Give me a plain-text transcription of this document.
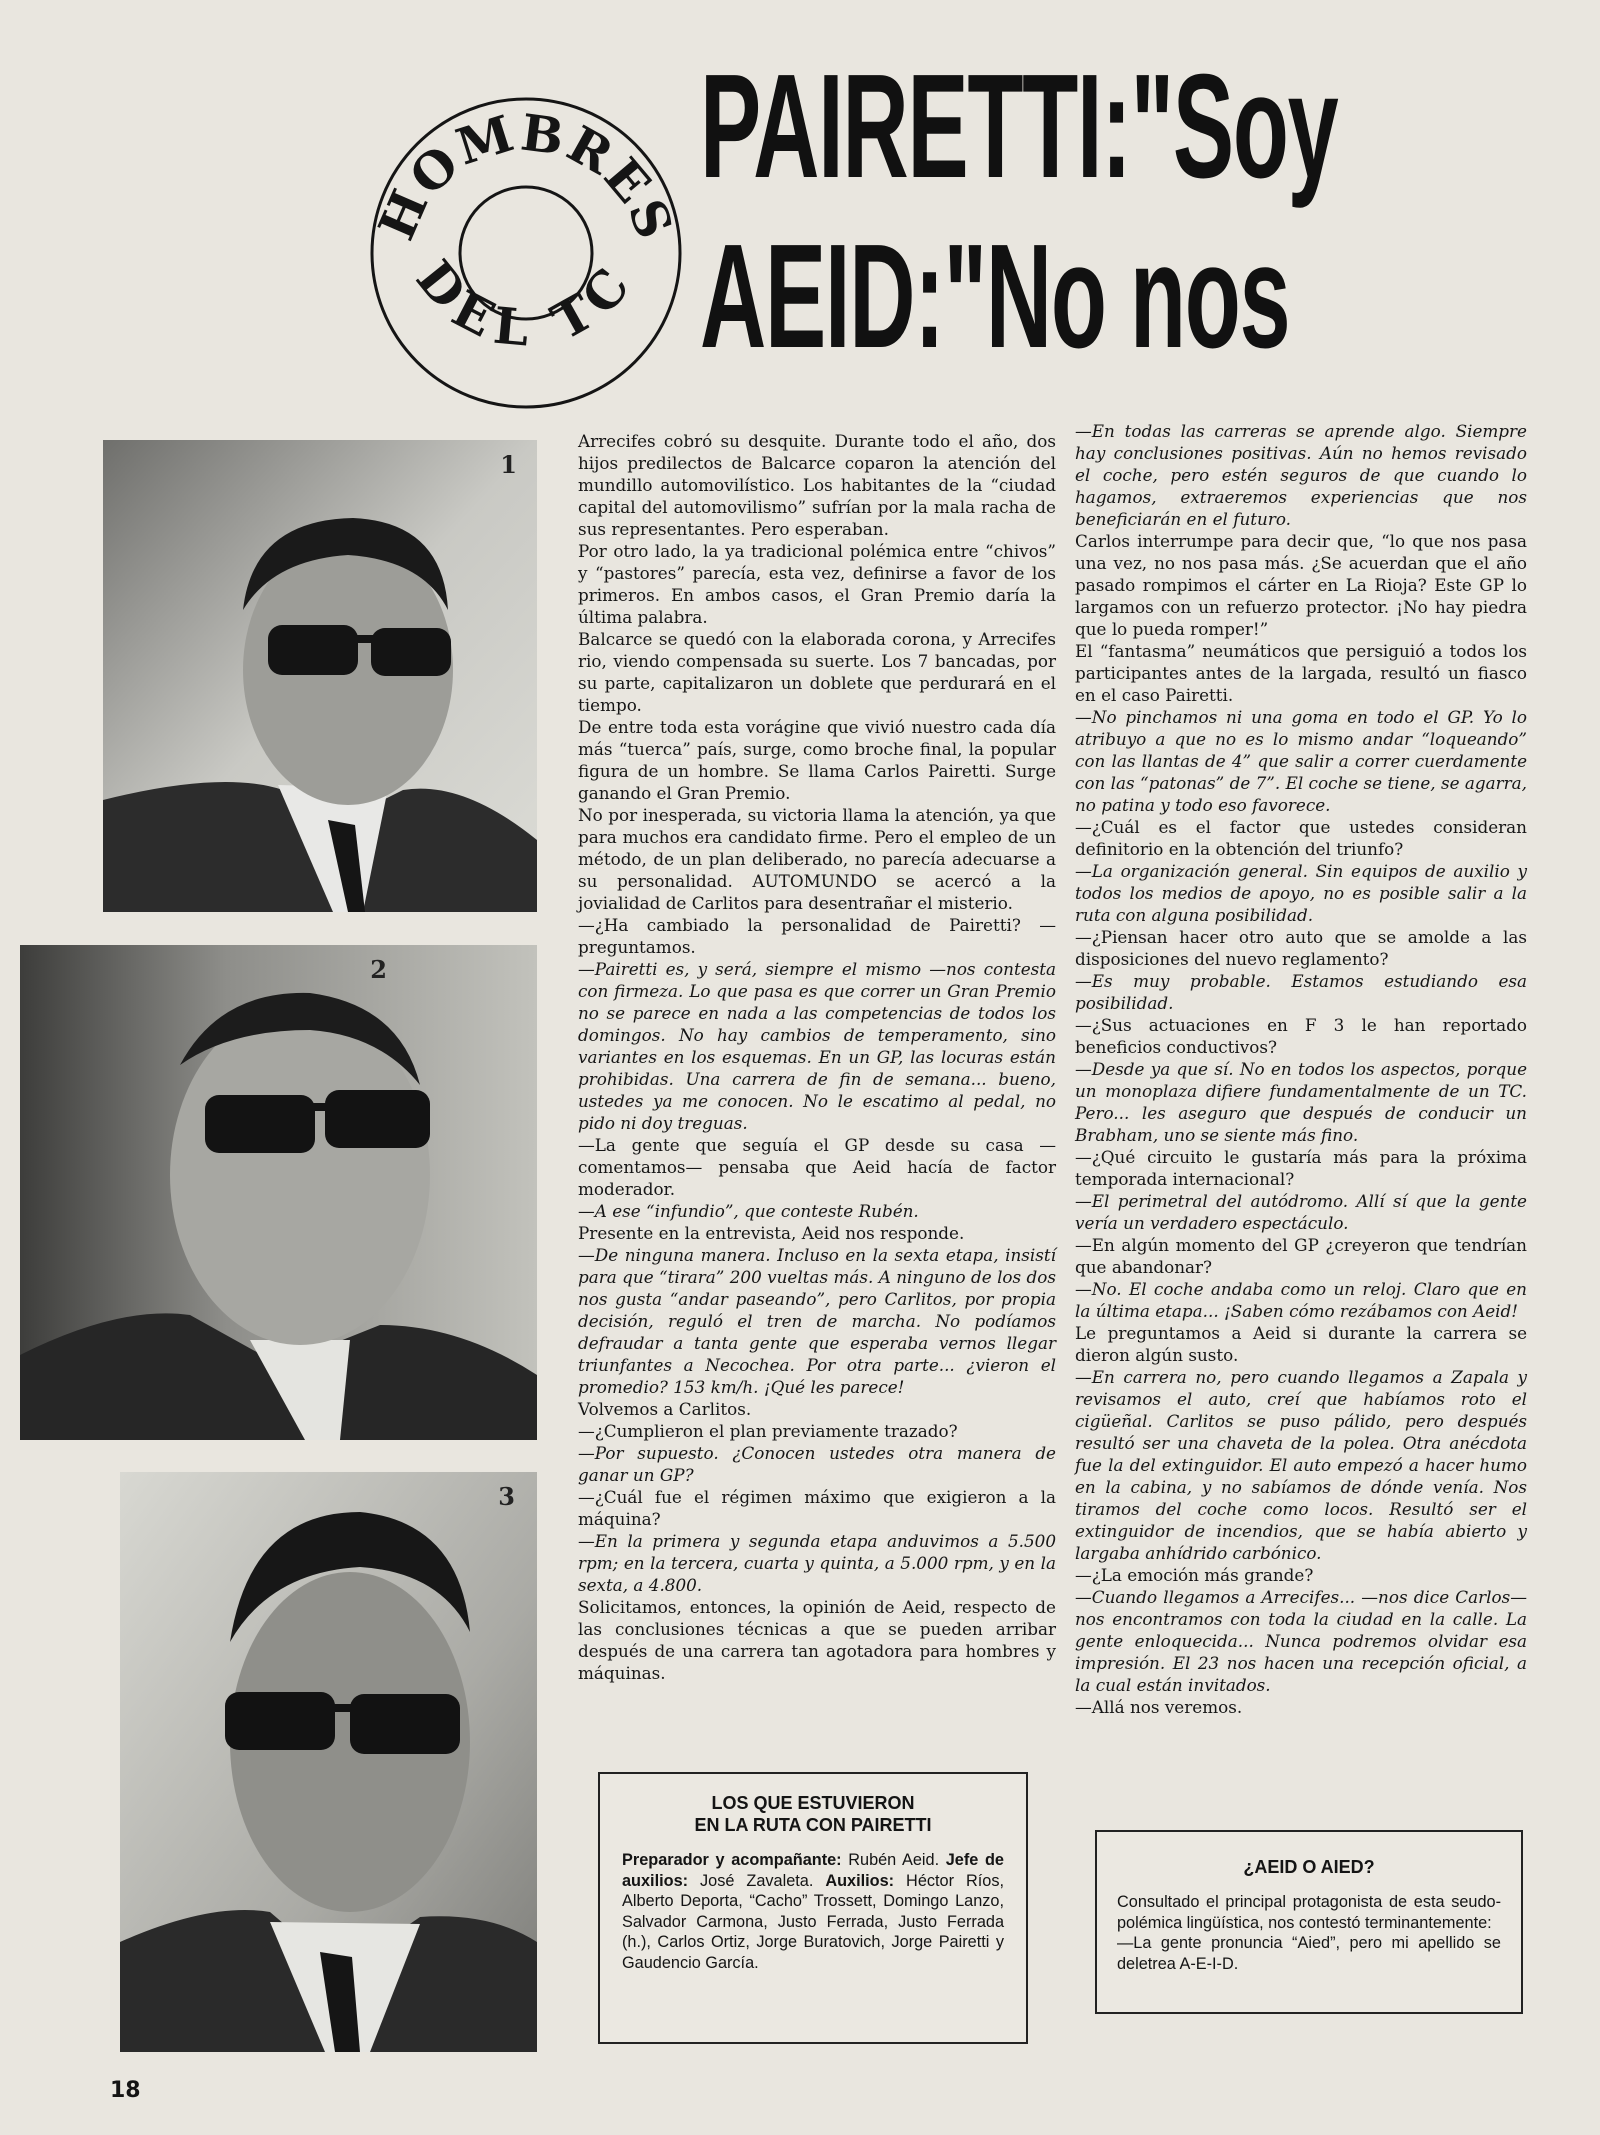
HOMBRES
DEL TC
PAIRETTI:"Soy
AEID:"No nos
1
2
3

Arrecifes cobró su desquite. Durante todo el año, dos hijos predilectos de Balcarce coparon la atención del mundillo automovilístico. Los habitantes de la “ciudad capital del automovilismo” sufrían por la mala racha de sus representantes. Pero esperaban.

Por otro lado, la ya tradicional polémica entre “chivos” y “pastores” parecía, esta vez, definirse a favor de los primeros. En ambos casos, el Gran Premio daría la última palabra.

Balcarce se quedó con la elaborada corona, y Arrecifes rio, viendo compensada su suerte. Los 7 bancadas, por su parte, capitalizaron un doblete que perdurará en el tiempo.

De entre toda esta vorágine que vivió nuestro cada día más “tuerca” país, surge, como broche final, la popular figura de un hombre. Se llama Carlos Pairetti. Surge ganando el Gran Premio.

No por inesperada, su victoria llama la atención, ya que para muchos era candidato firme. Pero el empleo de un método, de un plan deliberado, no parecía adecuarse a su personalidad. AUTOMUNDO se acercó a la jovialidad de Carlitos para desentrañar el misterio.

—¿Ha cambiado la personalidad de Pairetti? —preguntamos.

—Pairetti es, y será, siempre el mismo —nos contesta con firmeza. Lo que pasa es que correr un Gran Premio no se parece en nada a las competencias de todos los domingos. No hay cambios de temperamento, sino variantes en los esquemas. En un GP, las locuras están prohibidas. Una carrera de fin de semana... bueno, ustedes ya me conocen. No le escatimo al pedal, no pido ni doy treguas.

—La gente que seguía el GP desde su casa —comentamos— pensaba que Aeid hacía de factor moderador.

—A ese “infundio”, que conteste Rubén.

Presente en la entrevista, Aeid nos responde.

—De ninguna manera. Incluso en la sexta etapa, insistí para que “tirara” 200 vueltas más. A ninguno de los dos nos gusta “andar paseando”, pero Carlitos, por propia decisión, reguló el tren de marcha. No podíamos defraudar a tanta gente que esperaba vernos llegar triunfantes a Necochea. Por otra parte... ¿vieron el promedio? 153 km/h. ¡Qué les parece!

Volvemos a Carlitos.

—¿Cumplieron el plan previamente trazado?

—Por supuesto. ¿Conocen ustedes otra manera de ganar un GP?

—¿Cuál fue el régimen máximo que exigieron a la máquina?

—En la primera y segunda etapa anduvimos a 5.500 rpm; en la tercera, cuarta y quinta, a 5.000 rpm, y en la sexta, a 4.800.

Solicitamos, entonces, la opinión de Aeid, respecto de las conclusiones técnicas a que se pueden arribar después de una carrera tan agotadora para hombres y máquinas.

—En todas las carreras se aprende algo. Siempre hay conclusiones positivas. Aún no hemos revisado el coche, pero estén seguros de que cuando lo hagamos, extraeremos experiencias que nos beneficiarán en el futuro.

Carlos interrumpe para decir que, “lo que nos pasa una vez, no nos pasa más. ¿Se acuerdan que el año pasado rompimos el cárter en La Rioja? Este GP lo largamos con un refuerzo protector. ¡No hay piedra que lo pueda romper!”

El “fantasma” neumáticos que persiguió a todos los participantes antes de la largada, resultó un fiasco en el caso Pairetti.

—No pinchamos ni una goma en todo el GP. Yo lo atribuyo a que no es lo mismo andar “loqueando” con las llantas de 4” que salir a correr cuerdamente con las “patonas” de 7”. El coche se tiene, se agarra, no patina y todo eso favorece.

—¿Cuál es el factor que ustedes consideran definitorio en la obtención del triunfo?

—La organización general. Sin equipos de auxilio y todos los medios de apoyo, no es posible salir a la ruta con alguna posibilidad.

—¿Piensan hacer otro auto que se amolde a las disposiciones del nuevo reglamento?

—Es muy probable. Estamos estudiando esa posibilidad.

—¿Sus actuaciones en F 3 le han reportado beneficios conductivos?

—Desde ya que sí. No en todos los aspectos, porque un monoplaza difiere fundamentalmente de un TC. Pero... les aseguro que después de conducir un Brabham, uno se siente más fino.

—¿Qué circuito le gustaría más para la próxima temporada internacional?

—El perimetral del autódromo. Allí sí que la gente vería un verdadero espectáculo.

—En algún momento del GP ¿creyeron que tendrían que abandonar?

—No. El coche andaba como un reloj. Claro que en la última etapa... ¡Saben cómo rezábamos con Aeid!

Le preguntamos a Aeid si durante la carrera se dieron algún susto.

—En carrera no, pero cuando llegamos a Zapala y revisamos el auto, creí que habíamos roto el cigüeñal. Carlitos se puso pálido, pero después resultó ser una chaveta de la polea. Otra anécdota fue la del extinguidor. El auto empezó a hacer humo en la cabina, y no sabíamos de dónde venía. Nos tiramos del coche como locos. Resultó ser el extinguidor de incendios, que se había abierto y largaba anhídrido carbónico.

—¿La emoción más grande?

—Cuando llegamos a Arrecifes... —nos dice Carlos— nos encontramos con toda la ciudad en la calle. La gente enloquecida... Nunca podremos olvidar esa impresión. El 23 nos hacen una recepción oficial, a la cual están invitados.

—Allá nos veremos.

LOS QUE ESTUVIERON
EN LA RUTA CON PAIRETTI

Preparador y acompañante: Rubén Aeid. Jefe de auxilios: José Zavaleta. Auxilios: Héctor Ríos, Alberto Deporta, “Cacho” Trossett, Domingo Lanzo, Salvador Carmona, Justo Ferrada, Justo Ferrada (h.), Carlos Ortiz, Jorge Buratovich, Jorge Pairetti y Gaudencio García.

¿AEID O AIED?

Consultado el principal protagonista de esta seudo-polémica lingüística, nos contestó terminantemente:

—La gente pronuncia “Aied”, pero mi apellido se deletrea A-E-I-D.

18
